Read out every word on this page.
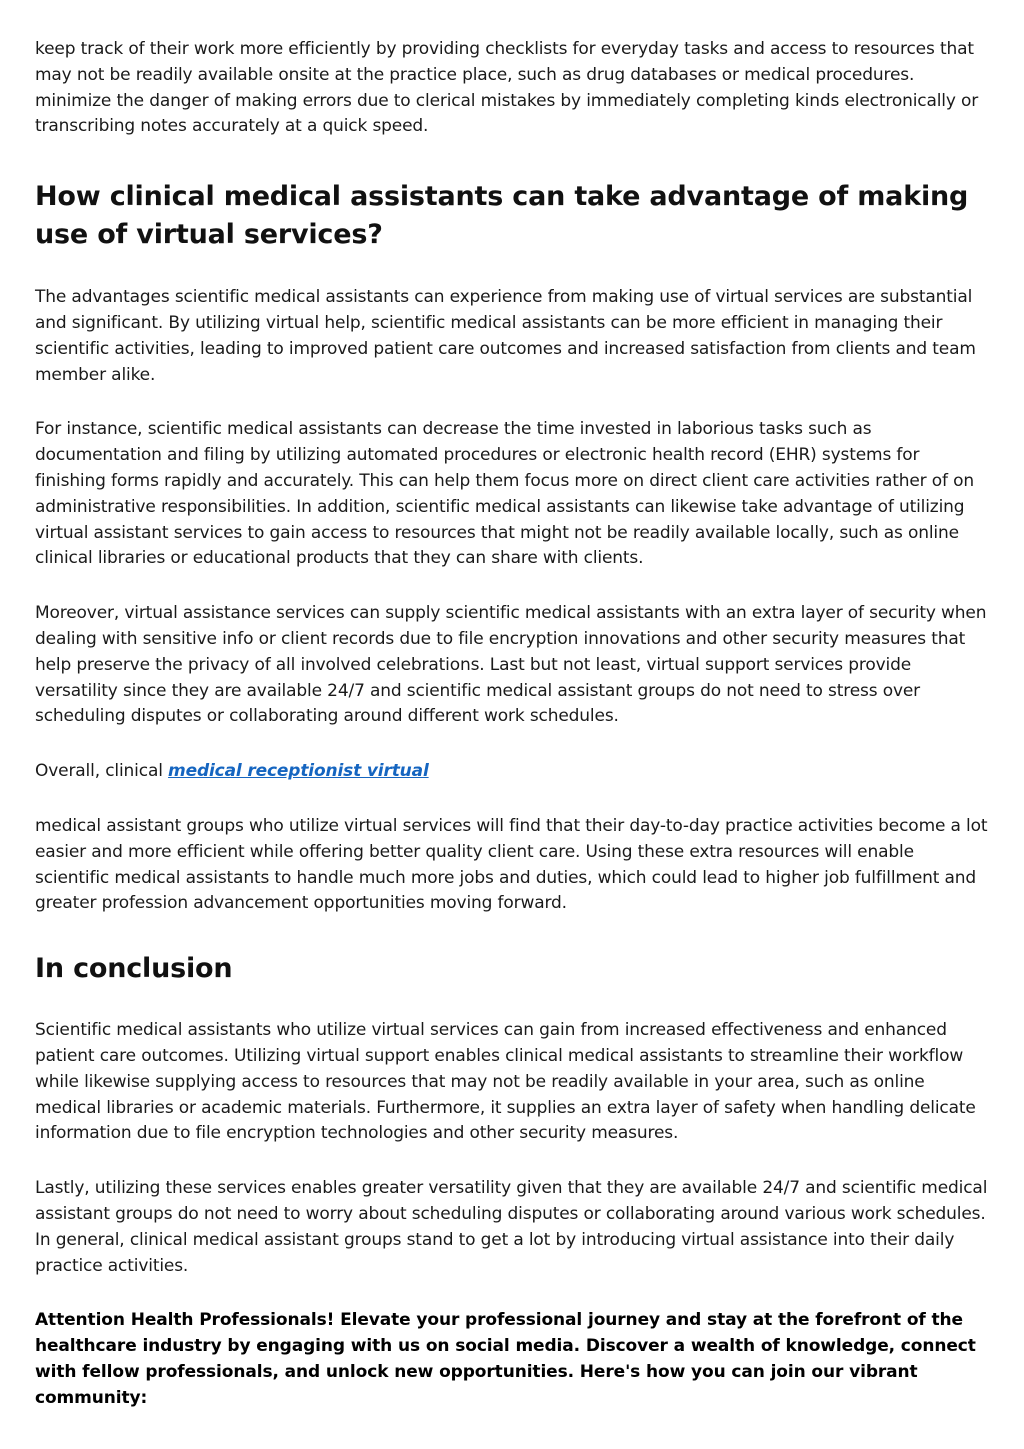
keep track of their work more efficiently by providing checklists for everyday tasks and access to resources that may not be readily available onsite at the practice place, such as drug databases or medical procedures. minimize the danger of making errors due to clerical mistakes by immediately completing kinds electronically or transcribing notes accurately at a quick speed.

How clinical medical assistants can take advantage of making use of virtual services?

The advantages scientific medical assistants can experience from making use of virtual services are substantial and significant. By utilizing virtual help, scientific medical assistants can be more efficient in managing their scientific activities, leading to improved patient care outcomes and increased satisfaction from clients and team member alike.

For instance, scientific medical assistants can decrease the time invested in laborious tasks such as documentation and filing by utilizing automated procedures or electronic health record (EHR) systems for finishing forms rapidly and accurately. This can help them focus more on direct client care activities rather of on administrative responsibilities. In addition, scientific medical assistants can likewise take advantage of utilizing virtual assistant services to gain access to resources that might not be readily available locally, such as online clinical libraries or educational products that they can share with clients.

Moreover, virtual assistance services can supply scientific medical assistants with an extra layer of security when dealing with sensitive info or client records due to file encryption innovations and other security measures that help preserve the privacy of all involved celebrations. Last but not least, virtual support services provide versatility since they are available 24/7 and scientific medical assistant groups do not need to stress over scheduling disputes or collaborating around different work schedules.

Overall, clinical medical receptionist virtual

medical assistant groups who utilize virtual services will find that their day-to-day practice activities become a lot easier and more efficient while offering better quality client care. Using these extra resources will enable scientific medical assistants to handle much more jobs and duties, which could lead to higher job fulfillment and greater profession advancement opportunities moving forward.

In conclusion

Scientific medical assistants who utilize virtual services can gain from increased effectiveness and enhanced patient care outcomes. Utilizing virtual support enables clinical medical assistants to streamline their workflow while likewise supplying access to resources that may not be readily available in your area, such as online medical libraries or academic materials. Furthermore, it supplies an extra layer of safety when handling delicate information due to file encryption technologies and other security measures.

Lastly, utilizing these services enables greater versatility given that they are available 24/7 and scientific medical assistant groups do not need to worry about scheduling disputes or collaborating around various work schedules. In general, clinical medical assistant groups stand to get a lot by introducing virtual assistance into their daily practice activities.

Attention Health Professionals! Elevate your professional journey and stay at the forefront of the healthcare industry by engaging with us on social media. Discover a wealth of knowledge, connect with fellow professionals, and unlock new opportunities. Here's how you can join our vibrant community:
